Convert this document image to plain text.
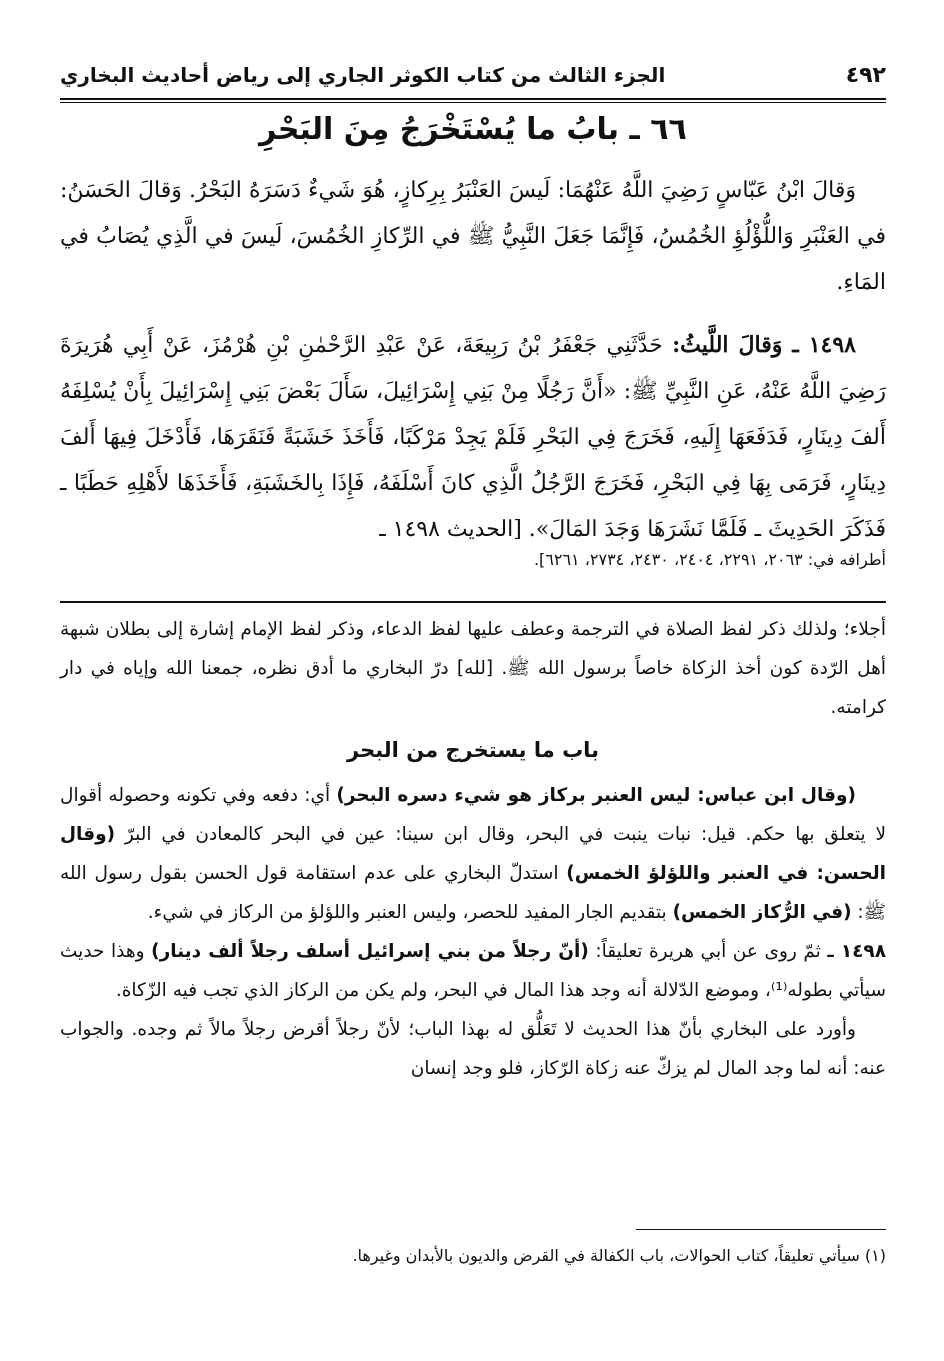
٤٩٢
الجزء الثالث من كتاب الكوثر الجاري إلى رياض أحاديث البخاري
٦٦ ـ بابُ ما يُسْتَخْرَجُ مِنَ البَحْرِ

وَقالَ ابْنُ عَبّاسٍ رَضِيَ اللَّهُ عَنْهُمَا: لَيسَ العَنْبَرُ بِرِكازٍ، هُوَ شَيءٌ دَسَرَهُ البَحْرُ. وَقالَ الحَسَنُ: في العَنْبَرِ وَاللُّؤْلُؤِ الخُمُسُ، فَإِنَّمَا جَعَلَ النَّبِيُّ ﷺ في الرِّكازِ الخُمُسَ، لَيسَ في الَّذِي يُصَابُ في المَاءِ.

١٤٩٨ ـ وَقالَ اللَّيثُ: حَدَّثَنِي جَعْفَرُ بْنُ رَبِيعَةَ، عَنْ عَبْدِ الرَّحْمٰنِ بْنِ هُرْمُزَ، عَنْ أَبِي هُرَيرَةَ رَضِيَ اللَّهُ عَنْهُ، عَنِ النَّبِيِّ ﷺ: «أَنَّ رَجُلًا مِنْ بَنِي إِسْرَائِيلَ، سَأَلَ بَعْضَ بَنِي إِسْرَائِيلَ بِأَنْ يُسْلِفَهُ أَلفَ دِينَارٍ، فَدَفَعَهَا إِلَيهِ، فَخَرَجَ فِي البَحْرِ فَلَمْ يَجِدْ مَرْكَبًا، فَأَخَذَ خَشَبَةً فَنَقَرَهَا، فَأَدْخَلَ فِيهَا أَلفَ دِينَارٍ، فَرَمَى بِهَا فِي البَحْرِ، فَخَرَجَ الرَّجُلُ الَّذِي كانَ أَسْلَفَهُ، فَإِذَا بِالخَشَبَةِ، فَأَخَذَهَا لأَهْلِهِ حَطَبًا ـ فَذَكَرَ الحَدِيثَ ـ فَلَمَّا نَشَرَهَا وَجَدَ المَالَ». [الحديث ١٤٩٨ ـ

أطرافه في: ٢٠٦٣، ٢٢٩١، ٢٤٠٤، ٢٤٣٠، ٢٧٣٤، ٦٢٦١].

أجلاء؛ ولذلك ذكر لفظ الصلاة في الترجمة وعطف عليها لفظ الدعاء، وذكر لفظ الإمام إشارة إلى بطلان شبهة أهل الرّدة كون أخذ الزكاة خاصاً برسول الله ﷺ. [لله] درّ البخاري ما أدق نظره، جمعنا الله وإياه في دار كرامته.

باب ما يستخرج من البحر

(وقال ابن عباس: ليس العنبر بركاز هو شيء دسره البحر) أي: دفعه وفي تكونه وحصوله أقوال لا يتعلق بها حكم. قيل: نبات ينبت في البحر، وقال ابن سينا: عين في البحر كالمعادن في البرّ (وقال الحسن: في العنبر واللؤلؤ الخمس) استدلّ البخاري على عدم استقامة قول الحسن بقول رسول الله ﷺ: (في الرُّكاز الخمس) بتقديم الجار المفيد للحصر، وليس العنبر واللؤلؤ من الركاز في شيء.

١٤٩٨ ـ ثمّ روى عن أبي هريرة تعليقاً: (أنّ رجلاً من بني إسرائيل أسلف رجلاً ألف دينار) وهذا حديث سيأتي بطوله⁽¹⁾، وموضع الدّلالة أنه وجد هذا المال في البحر، ولم يكن من الركاز الذي تجب فيه الزّكاة.

وأورد على البخاري بأنّ هذا الحديث لا تَعَلُّق له بهذا الباب؛ لأنّ رجلاً أقرض رجلاً مالاً ثم وجده. والجواب عنه: أنه لما وجد المال لم يزكّ عنه زكاة الرّكاز، فلو وجد إنسان

(١) سيأتي تعليقاً، كتاب الحوالات، باب الكفالة في القرض والديون بالأبدان وغيرها.
